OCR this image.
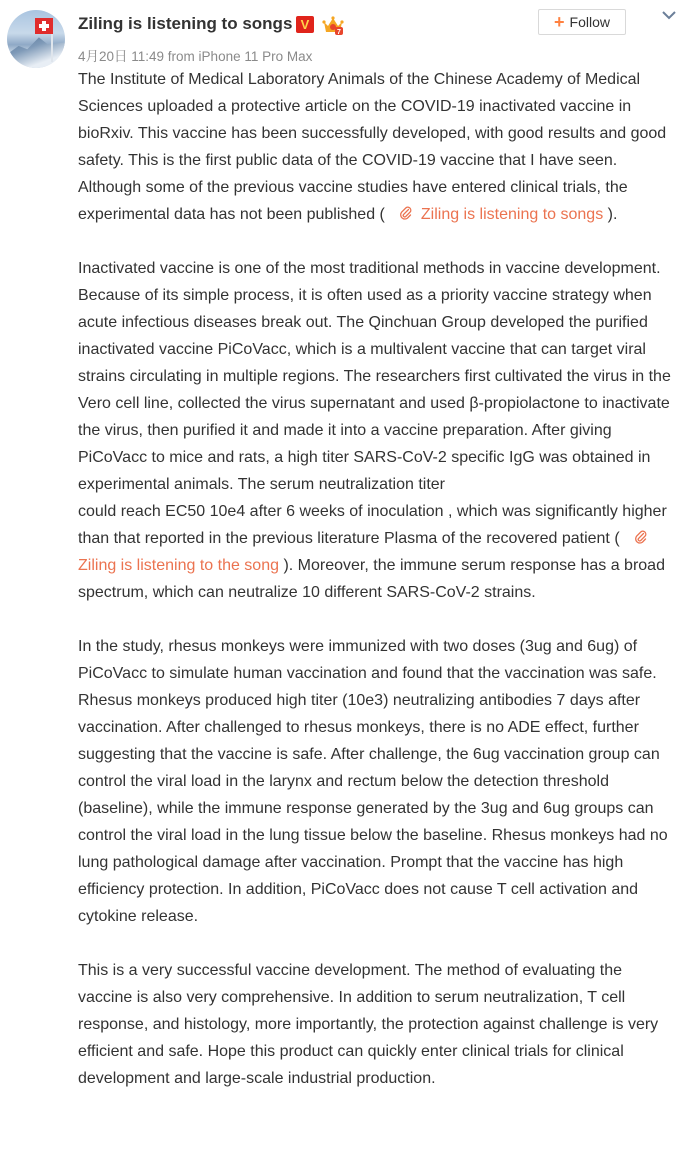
Ziling is listening to songs V
7
4月20日 11:49 from iPhone 11 Pro Max
+ Follow

The Institute of Medical Laboratory Animals of the Chinese Academy of Medical Sciences uploaded a protective article on the COVID-19 inactivated vaccine in bioRxiv. This vaccine has been successfully developed, with good results and good safety. This is the first public data of the COVID-19 vaccine that I have seen. Although some of the previous vaccine studies have entered clinical trials, the experimental data has not been published ( Ziling is listening to songs ).

Inactivated vaccine is one of the most traditional methods in vaccine development. Because of its simple process, it is often used as a priority vaccine strategy when acute infectious diseases break out. The Qinchuan Group developed the purified inactivated vaccine PiCoVacc, which is a multivalent vaccine that can target viral strains circulating in multiple regions. The researchers first cultivated the virus in the Vero cell line, collected the virus supernatant and used β-propiolactone to inactivate the virus, then purified it and made it into a vaccine preparation. After giving PiCoVacc to mice and rats, a high titer SARS-CoV-2 specific IgG was obtained in experimental animals. The serum neutralization titer
could reach EC50 10e4 after 6 weeks of inoculation , which was significantly higher than that reported in the previous literature Plasma of the recovered patient (Ziling is listening to the song ). Moreover, the immune serum response has a broad spectrum, which can neutralize 10 different SARS-CoV-2 strains.

In the study, rhesus monkeys were immunized with two doses (3ug and 6ug) of PiCoVacc to simulate human vaccination and found that the vaccination was safe. Rhesus monkeys produced high titer (10e3) neutralizing antibodies 7 days after vaccination. After challenged to rhesus monkeys, there is no ADE effect, further suggesting that the vaccine is safe. After challenge, the 6ug vaccination group can control the viral load in the larynx and rectum below the detection threshold (baseline), while the immune response generated by the 3ug and 6ug groups can control the viral load in the lung tissue below the baseline. Rhesus monkeys had no lung pathological damage after vaccination. Prompt that the vaccine has high efficiency protection. In addition, PiCoVacc does not cause T cell activation and cytokine release.

This is a very successful vaccine development. The method of evaluating the vaccine is also very comprehensive. In addition to serum neutralization, T cell response, and histology, more importantly, the protection against challenge is very efficient and safe. Hope this product can quickly enter clinical trials for clinical development and large-scale industrial production.
